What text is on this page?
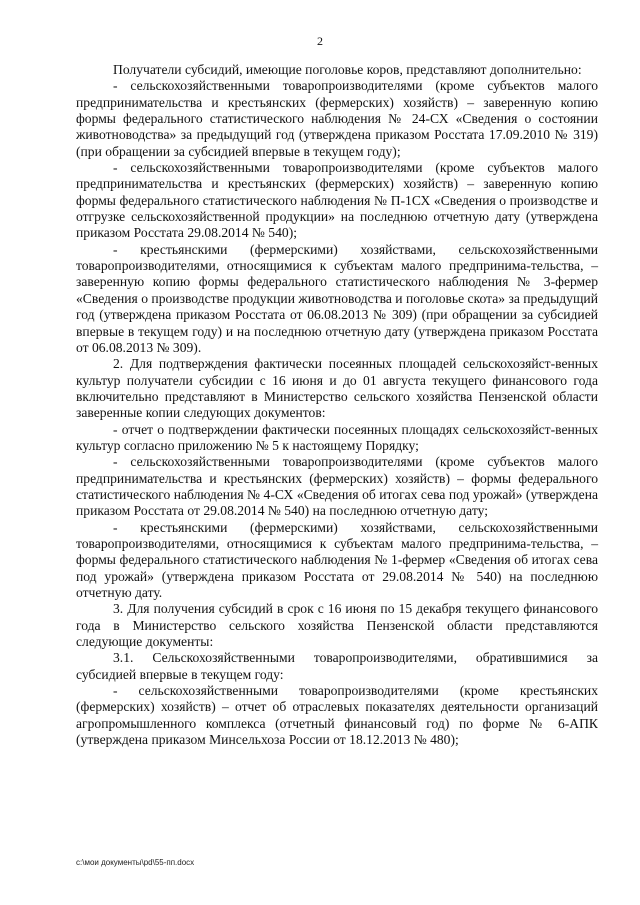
2

Получатели субсидий, имеющие поголовье коров, представляют дополнительно:

- сельскохозяйственными товаропроизводителями (кроме субъектов малого предпринимательства и крестьянских (фермерских) хозяйств) – заверенную копию формы федерального статистического наблюдения № 24-СХ «Сведения о состоянии животноводства» за предыдущий год (утверждена приказом Росстата 17.09.2010 № 319) (при обращении за субсидией впервые в текущем году);

- сельскохозяйственными товаропроизводителями (кроме субъектов малого предпринимательства и крестьянских (фермерских) хозяйств) – заверенную копию формы федерального статистического наблюдения № П-1СХ «Сведения о производстве и отгрузке сельскохозяйственной продукции» на последнюю отчетную дату (утверждена приказом Росстата 29.08.2014 № 540);

- крестьянскими (фермерскими) хозяйствами, сельскохозяйственными товаропроизводителями, относящимися к субъектам малого предпринима-тельства, – заверенную копию формы федерального статистического наблюдения № 3-фермер «Сведения о производстве продукции животноводства и поголовье скота» за предыдущий год (утверждена приказом Росстата от 06.08.2013 № 309) (при обращении за субсидией впервые в текущем году) и на последнюю отчетную дату (утверждена приказом Росстата от 06.08.2013 № 309).

2. Для подтверждения фактически посеянных площадей сельскохозяйст-венных культур получатели субсидии с 16 июня и до 01 августа текущего финансового года включительно представляют в Министерство сельского хозяйства Пензенской области заверенные копии следующих документов:

- отчет о подтверждении фактически посеянных площадях сельскохозяйст-венных культур согласно приложению № 5 к настоящему Порядку;

- сельскохозяйственными товаропроизводителями (кроме субъектов малого предпринимательства и крестьянских (фермерских) хозяйств) – формы федерального статистического наблюдения № 4-СХ «Сведения об итогах сева под урожай» (утверждена приказом Росстата от 29.08.2014 № 540) на последнюю отчетную дату;

- крестьянскими (фермерскими) хозяйствами, сельскохозяйственными товаропроизводителями, относящимися к субъектам малого предпринима-тельства, – формы федерального статистического наблюдения № 1-фермер «Сведения об итогах сева под урожай» (утверждена приказом Росстата от 29.08.2014 № 540) на последнюю отчетную дату.

3. Для получения субсидий в срок с 16 июня по 15 декабря текущего финансового года в Министерство сельского хозяйства Пензенской области представляются следующие документы:

3.1. Сельскохозяйственными товаропроизводителями, обратившимися за субсидией впервые в текущем году:

- сельскохозяйственными товаропроизводителями (кроме крестьянских (фермерских) хозяйств) – отчет об отраслевых показателях деятельности организаций агропромышленного комплекса (отчетный финансовый год) по форме № 6-АПК (утверждена приказом Минсельхоза России от 18.12.2013 № 480);

c:\мои документы\pd\55-пп.docx
